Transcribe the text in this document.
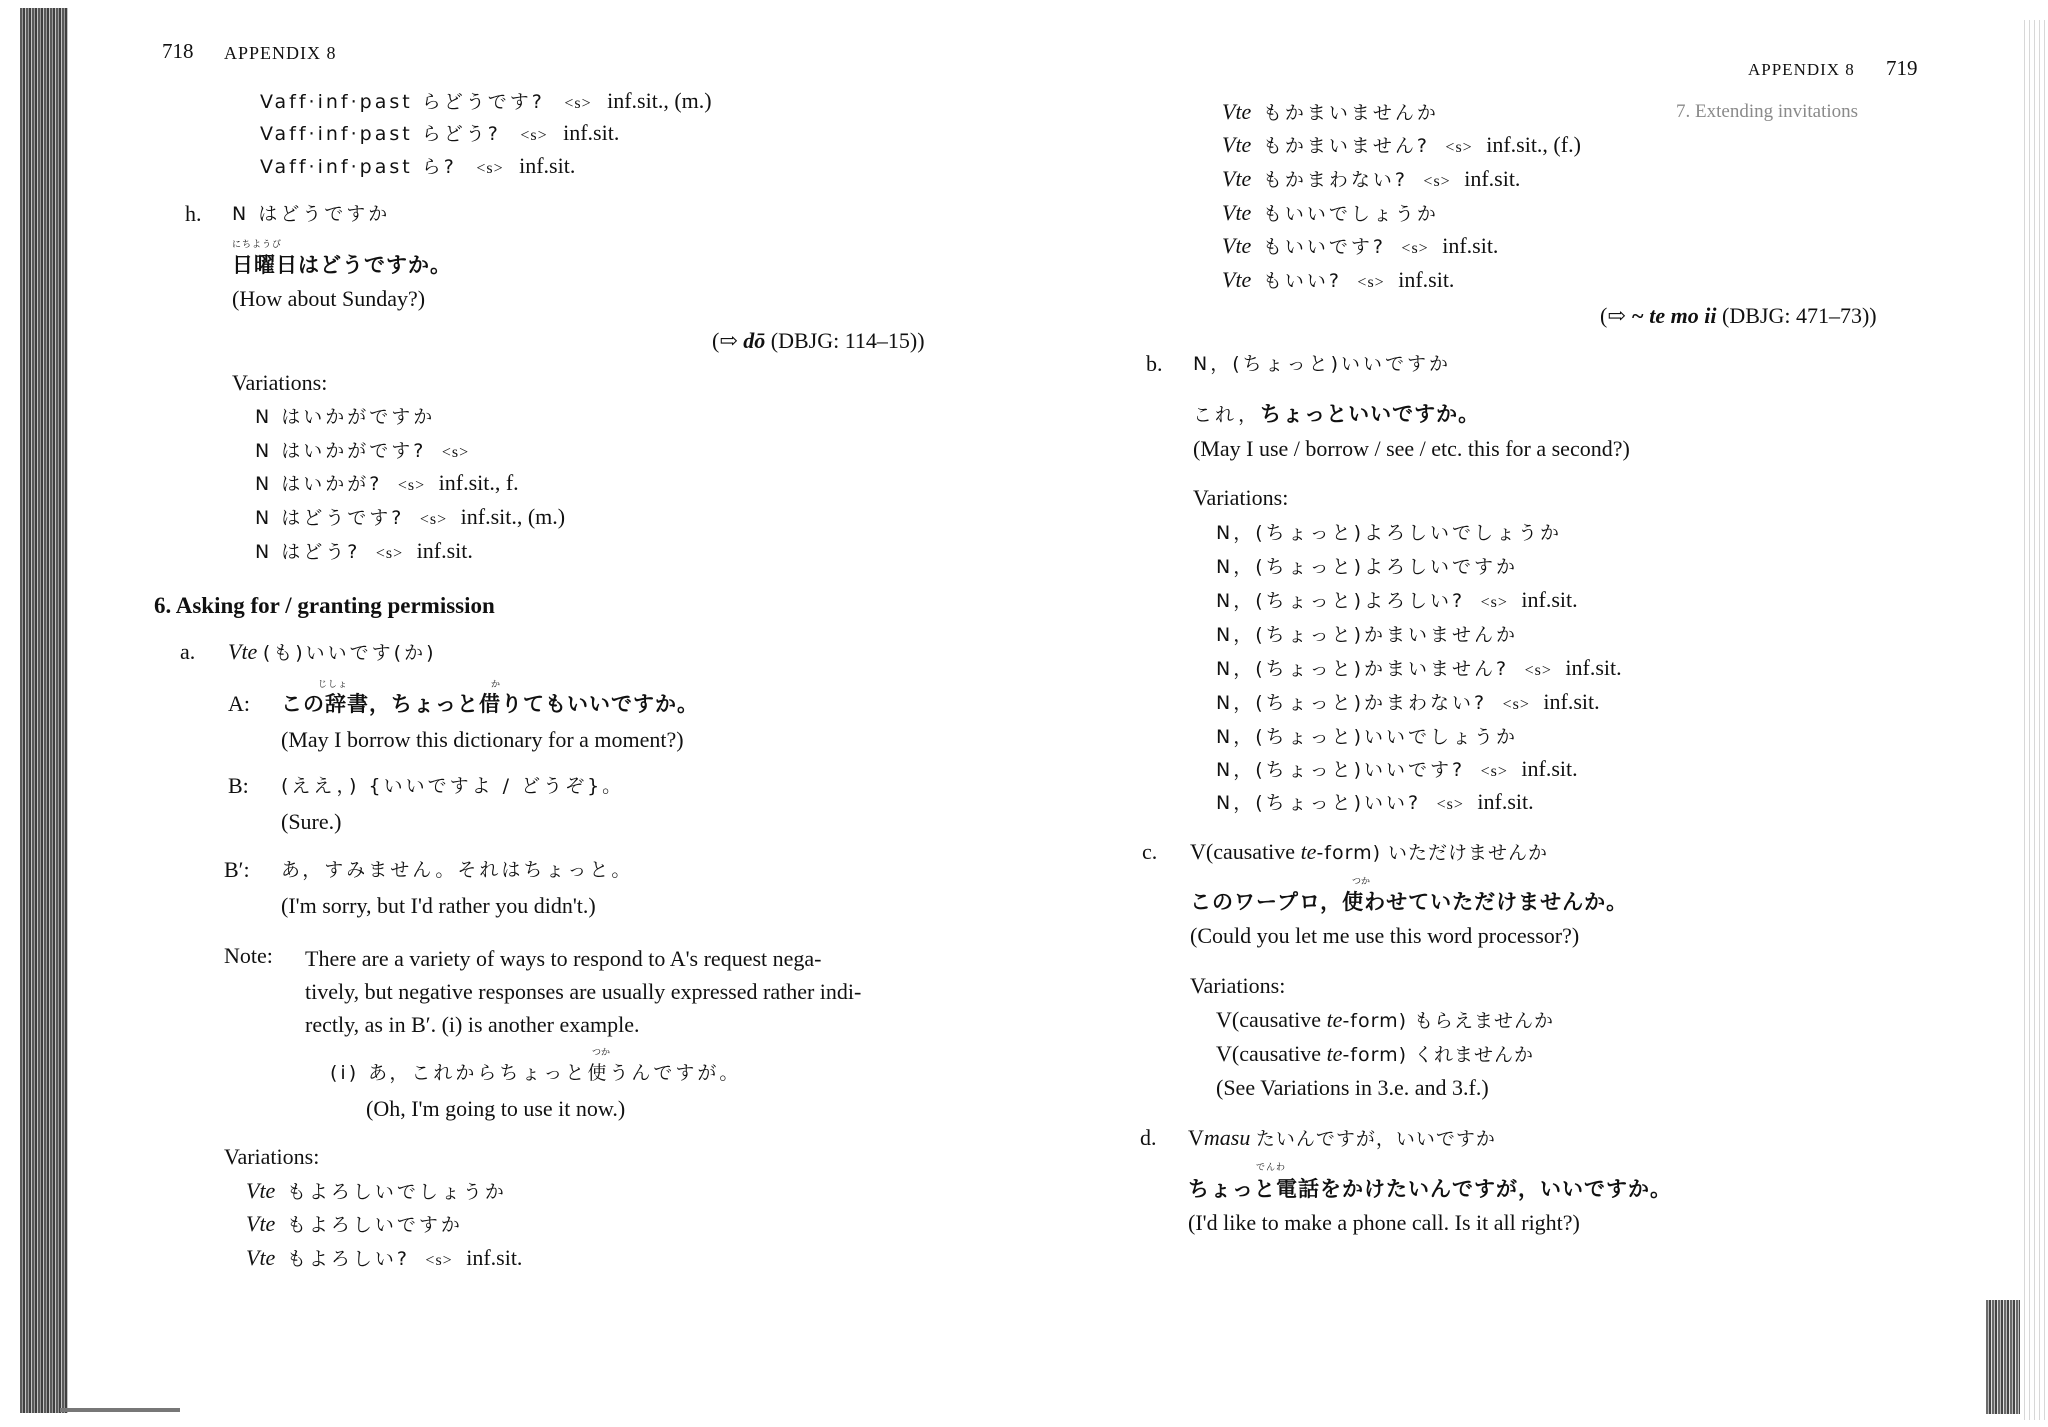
718 APPENDIX 8
Vaff·inf·past らどうです? <s> inf.sit., (m.)
Vaff·inf·past らどう? <s> inf.sit.
Vaff·inf·past ら? <s> inf.sit.
h. N はどうですか
にちようび
日曜日はどうですか。
(How about Sunday?)
(⇨ dō (DBJG: 114–15))
Variations:
N はいかがですか
N はいかがです? <s>
N はいかが? <s> inf.sit., f.
N はどうです? <s> inf.sit., (m.)
N はどう? <s> inf.sit.
6. Asking for / granting permission
a. Vte (も)いいです(か)
A:
じしょ	か
この辞書，ちょっと借りてもいいですか。
(May I borrow this dictionary for a moment?)
B: (ええ，) {いいですよ / どうぞ}。
(Sure.)
B′: あ，すみません。それはちょっと。
(I'm sorry, but I'd rather you didn't.)
Note: There are a variety of ways to respond to A's request nega-
tively, but negative responses are usually expressed rather indi-
rectly, as in B′. (i) is another example.
つか
(i) あ，これからちょっと使うんですが。
(Oh, I'm going to use it now.)
Variations:
Vte もよろしいでしょうか
Vte もよろしいですか
Vte もよろしい? <s> inf.sit.
APPENDIX 8 719
7. Extending invitations
Vte もかまいませんか
Vte もかまいません? <s> inf.sit., (f.)
Vte もかまわない? <s> inf.sit.
Vte もいいでしょうか
Vte もいいです? <s> inf.sit.
Vte もいい? <s> inf.sit.
(⇨ ~ te mo ii (DBJG: 471–73))
b. N，(ちょっと)いいですか
これ，ちょっといいですか。
(May I use / borrow / see / etc. this for a second?)
Variations:
N，(ちょっと)よろしいでしょうか
N，(ちょっと)よろしいですか
N，(ちょっと)よろしい? <s> inf.sit.
N，(ちょっと)かまいませんか
N，(ちょっと)かまいません? <s> inf.sit.
N，(ちょっと)かまわない? <s> inf.sit.
N，(ちょっと)いいでしょうか
N，(ちょっと)いいです? <s> inf.sit.
N，(ちょっと)いい? <s> inf.sit.
c. V(causative te-form) いただけませんか
つか
このワープロ，使わせていただけませんか。
(Could you let me use this word processor?)
Variations:
V(causative te-form) もらえませんか
V(causative te-form) くれませんか
(See Variations in 3.e. and 3.f.)
d. Vmasu たいんですが，いいですか
でんわ
ちょっと電話をかけたいんですが，いいですか。
(I'd like to make a phone call. Is it all right?)
